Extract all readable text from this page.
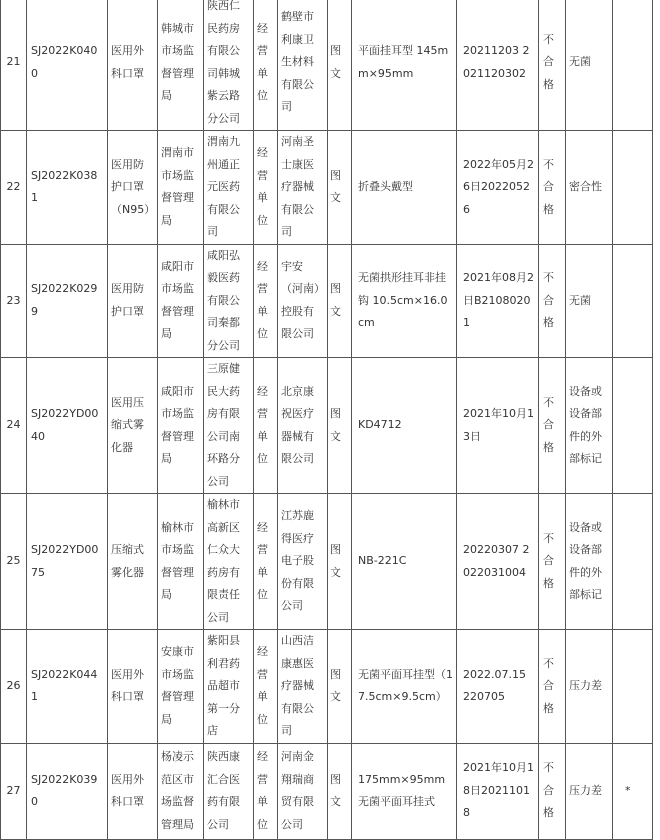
21	SJ2022K0400	医用外科口罩	韩城市市场监督管理局	陕西仁民药房有限公司韩城紫云路分公司	经营单位	鹤壁市利康卫生材料有限公司	图文	平面挂耳型 145mm×95mm	20211203 2021120302	不合格	无菌	
22	SJ2022K0381	医用防护口罩（N95）	渭南市市场监督管理局	渭南九州通正元医药有限公司	经营单位	河南圣士康医疗器械有限公司	图文	折叠头戴型	2022年05月26日20220526	不合格	密合性	
23	SJ2022K0299	医用防护口罩	咸阳市市场监督管理局	咸阳弘毅医药有限公司秦都分公司	经营单位	宇安（河南）控股有限公司	图文	无菌拱形挂耳非挂钩 10.5cm×16.0cm	2021年08月2日B21080201	不合格	无菌	
24	SJ2022YD0040	医用压缩式雾化器	咸阳市市场监督管理局	三原健民大药房有限公司南环路分公司	经营单位	北京康祝医疗器械有限公司	图文	KD4712	2021年10月13日	不合格	设备或设备部件的外部标记	
25	SJ2022YD0075	压缩式雾化器	榆林市市场监督管理局	榆林市高新区仁众大药房有限责任公司	经营单位	江苏鹿得医疗电子股份有限公司	图文	NB-221C	20220307 2022031004	不合格	设备或设备部件的外部标记	
26	SJ2022K0441	医用外科口罩	安康市市场监督管理局	紫阳县利君药品超市第一分店	经营单位	山西洁康惠医疗器械有限公司	图文	无菌平面耳挂型（17.5cm×9.5cm）	2022.07.15 220705	不合格	压力差	
27	SJ2022K0390	医用外科口罩	杨凌示范区市场监督管理局	陕西康汇合医药有限公司	经营单位	河南金翔瑞商贸有限公司	图文	175mm×95mm无菌平面耳挂式	2021年10月18日20211018	不合格	压力差	*
